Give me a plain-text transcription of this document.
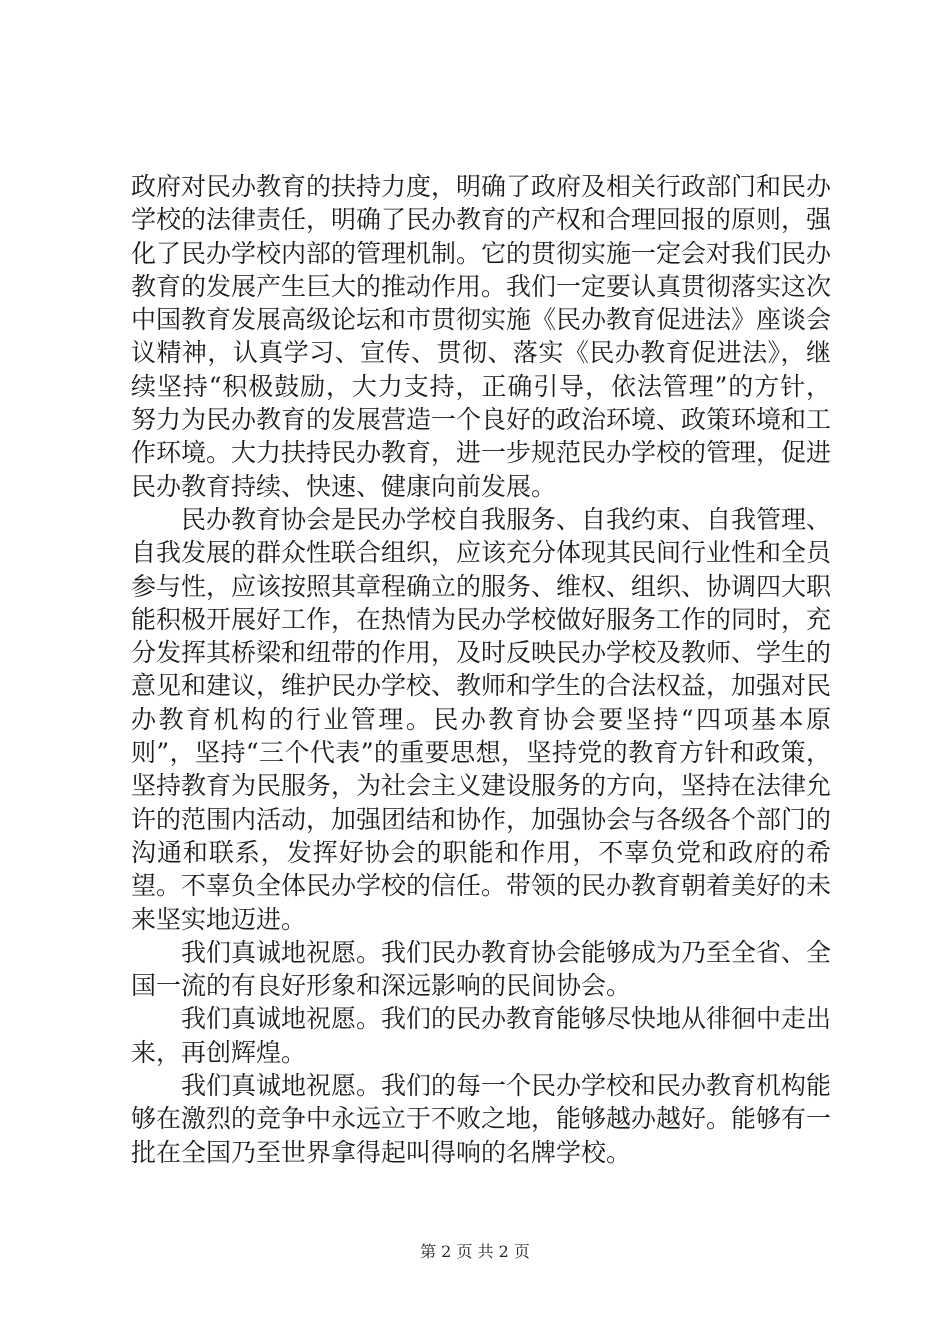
政府对民办教育的扶持力度，明确了政府及相关行政部门和民办学校的法律责任，明确了民办教育的产权和合理回报的原则，强化了民办学校内部的管理机制。它的贯彻实施一定会对我们民办教育的发展产生巨大的推动作用。我们一定要认真贯彻落实这次中国教育发展高级论坛和市贯彻实施《民办教育促进法》座谈会议精神，认真学习、宣传、贯彻、落实《民办教育促进法》，继续坚持“积极鼓励，大力支持，正确引导，依法管理”的方针，努力为民办教育的发展营造一个良好的政治环境、政策环境和工作环境。大力扶持民办教育，进一步规范民办学校的管理，促进民办教育持续、快速、健康向前发展。

民办教育协会是民办学校自我服务、自我约束、自我管理、自我发展的群众性联合组织，应该充分体现其民间行业性和全员参与性，应该按照其章程确立的服务、维权、组织、协调四大职能积极开展好工作，在热情为民办学校做好服务工作的同时，充分发挥其桥梁和纽带的作用，及时反映民办学校及教师、学生的意见和建议，维护民办学校、教师和学生的合法权益，加强对民办教育机构的行业管理。民办教育协会要坚持“四项基本原则”，坚持“三个代表”的重要思想，坚持党的教育方针和政策，坚持教育为民服务，为社会主义建设服务的方向，坚持在法律允许的范围内活动，加强团结和协作，加强协会与各级各个部门的沟通和联系，发挥好协会的职能和作用，不辜负党和政府的希望。不辜负全体民办学校的信任。带领的民办教育朝着美好的未来坚实地迈进。

我们真诚地祝愿。我们民办教育协会能够成为乃至全省、全国一流的有良好形象和深远影响的民间协会。

我们真诚地祝愿。我们的民办教育能够尽快地从徘徊中走出来，再创辉煌。

我们真诚地祝愿。我们的每一个民办学校和民办教育机构能够在激烈的竞争中永远立于不败之地，能够越办越好。能够有一批在全国乃至世界拿得起叫得响的名牌学校。

第 2 页 共 2 页
